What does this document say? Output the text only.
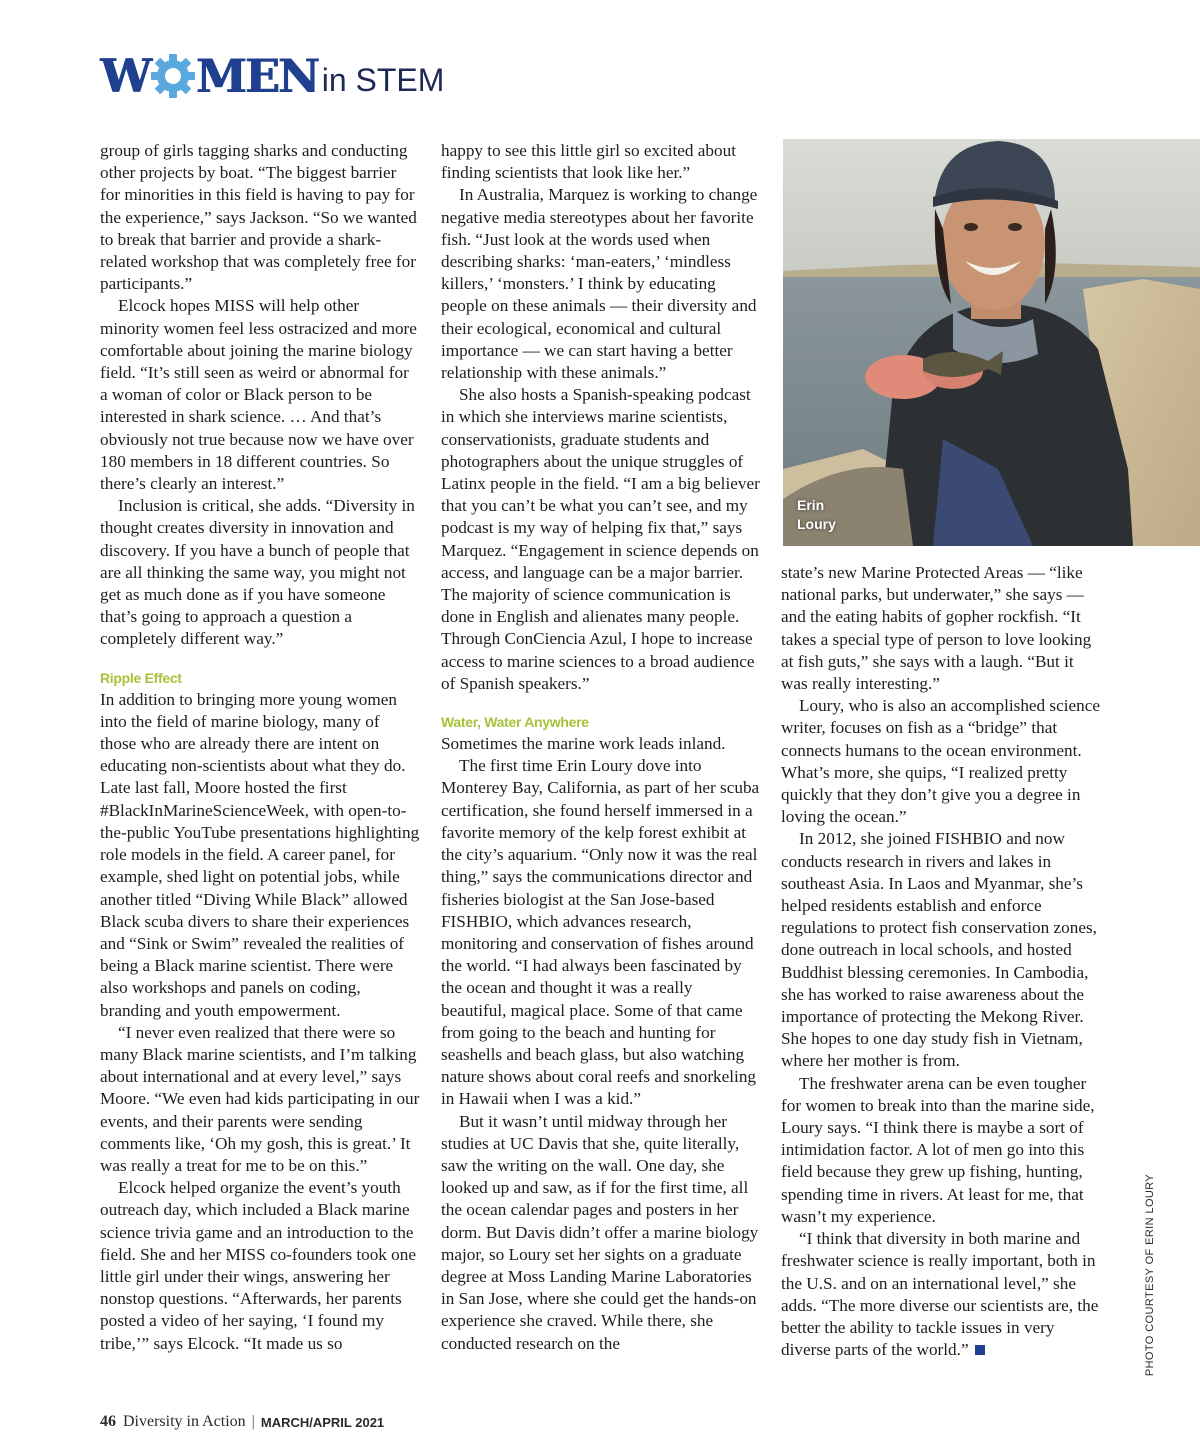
W MEN in STEM

group of girls tagging sharks and conducting other projects by boat. “The biggest barrier for minorities in this field is having to pay for the experience,” says Jackson. “So we wanted to break that barrier and provide a shark-related workshop that was completely free for participants.”

Elcock hopes MISS will help other minority women feel less ostracized and more comfortable about joining the marine biology field. “It’s still seen as weird or abnormal for a woman of color or Black person to be interested in shark science. … And that’s obviously not true because now we have over 180 members in 18 different countries. So there’s clearly an interest.”

Inclusion is critical, she adds. “Diversity in thought creates diversity in innovation and discovery. If you have a bunch of people that are all thinking the same way, you might not get as much done as if you have someone that’s going to approach a question a completely different way.”

Ripple Effect

In addition to bringing more young women into the field of marine biology, many of those who are already there are intent on educating non-scientists about what they do. Late last fall, Moore hosted the first #BlackInMarineScienceWeek, with open-to-the-public YouTube presentations highlighting role models in the field. A career panel, for example, shed light on potential jobs, while another titled “Diving While Black” allowed Black scuba divers to share their experiences and “Sink or Swim” revealed the realities of being a Black marine scientist. There were also workshops and panels on coding, branding and youth empowerment.

“I never even realized that there were so many Black marine scientists, and I’m talking about international and at every level,” says Moore. “We even had kids participating in our events, and their parents were sending comments like, ‘Oh my gosh, this is great.’ It was really a treat for me to be on this.”

Elcock helped organize the event’s youth outreach day, which included a Black marine science trivia game and an introduction to the field. She and her MISS co-founders took one little girl under their wings, answering her nonstop questions. “Afterwards, her parents posted a video of her saying, ‘I found my tribe,’” says Elcock. “It made us so

happy to see this little girl so excited about finding scientists that look like her.”

In Australia, Marquez is working to change negative media stereotypes about her favorite fish. “Just look at the words used when describing sharks: ‘man-eaters,’ ‘mindless killers,’ ‘monsters.’ I think by educating people on these animals — their diversity and their ecological, economical and cultural importance — we can start having a better relationship with these animals.”

She also hosts a Spanish-speaking podcast in which she interviews marine scientists, conservationists, graduate students and photographers about the unique struggles of Latinx people in the field. “I am a big believer that you can’t be what you can’t see, and my podcast is my way of helping fix that,” says Marquez. “Engagement in science depends on access, and language can be a major barrier. The majority of science communication is done in English and alienates many people. Through ConCiencia Azul, I hope to increase access to marine sciences to a broad audience of Spanish speakers.”

Water, Water Anywhere

Sometimes the marine work leads inland.

The first time Erin Loury dove into Monterey Bay, California, as part of her scuba certification, she found herself immersed in a favorite memory of the kelp forest exhibit at the city’s aquarium. “Only now it was the real thing,” says the communications director and fisheries biologist at the San Jose-based FISHBIO, which advances research, monitoring and conservation of fishes around the world. “I had always been fascinated by the ocean and thought it was a really beautiful, magical place. Some of that came from going to the beach and hunting for seashells and beach glass, but also watching nature shows about coral reefs and snorkeling in Hawaii when I was a kid.”

But it wasn’t until midway through her studies at UC Davis that she, quite literally, saw the writing on the wall. One day, she looked up and saw, as if for the first time, all the ocean calendar pages and posters in her dorm. But Davis didn’t offer a marine biology major, so Loury set her sights on a graduate degree at Moss Landing Marine Laboratories in San Jose, where she could get the hands-on experience she craved. While there, she conducted research on the

Erin
Loury

state’s new Marine Protected Areas — “like national parks, but underwater,” she says — and the eating habits of gopher rockfish. “It takes a special type of person to love looking at fish guts,” she says with a laugh. “But it was really interesting.”

Loury, who is also an accomplished science writer, focuses on fish as a “bridge” that connects humans to the ocean environment. What’s more, she quips, “I realized pretty quickly that they don’t give you a degree in loving the ocean.”

In 2012, she joined FISHBIO and now conducts research in rivers and lakes in southeast Asia. In Laos and Myanmar, she’s helped residents establish and enforce regulations to protect fish conservation zones, done outreach in local schools, and hosted Buddhist blessing ceremonies. In Cambodia, she has worked to raise awareness about the importance of protecting the Mekong River. She hopes to one day study fish in Vietnam, where her mother is from.

The freshwater arena can be even tougher for women to break into than the marine side, Loury says. “I think there is maybe a sort of intimidation factor. A lot of men go into this field because they grew up fishing, hunting, spending time in rivers. At least for me, that wasn’t my experience.

“I think that diversity in both marine and freshwater science is really important, both in the U.S. and on an international level,” she adds. “The more diverse our scientists are, the better the ability to tackle issues in very diverse parts of the world.”	PHOTO COURTESY OF ERIN LOURY
46 Diversity in Action | MARCH/APRIL 2021
